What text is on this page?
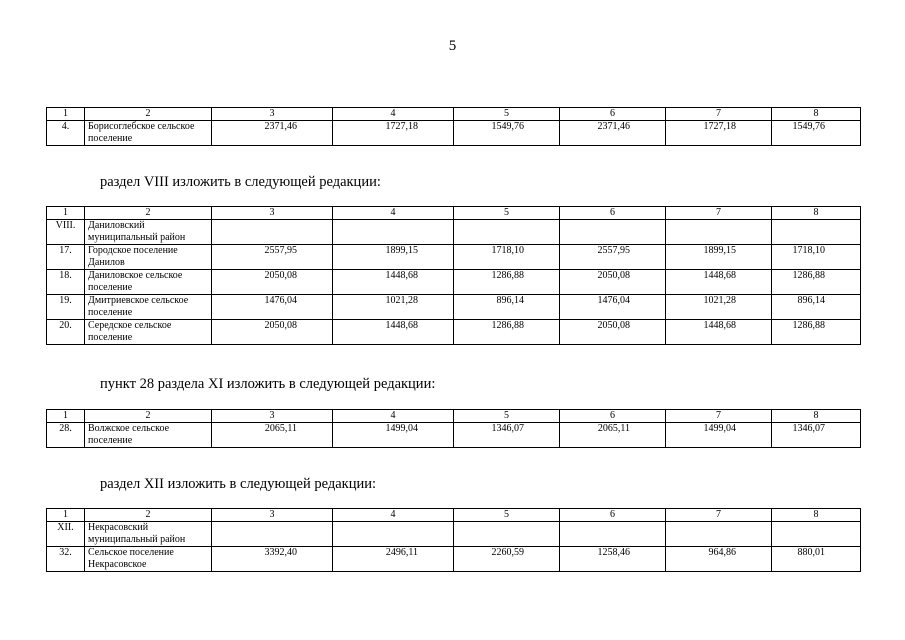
5
1	2	3	4	5	6	7	8
4.	Борисоглебское сельское поселение	2371,46	1727,18	1549,76	2371,46	1727,18	1549,76
раздел VIII изложить в следующей редакции:
1	2	3	4	5	6	7	8
VIII.	Даниловский муниципальный район						
17.	Городское поселение Данилов	2557,95	1899,15	1718,10	2557,95	1899,15	1718,10
18.	Даниловское сельское поселение	2050,08	1448,68	1286,88	2050,08	1448,68	1286,88
19.	Дмитриевское сельское поселение	1476,04	1021,28	896,14	1476,04	1021,28	896,14
20.	Середское сельское поселение	2050,08	1448,68	1286,88	2050,08	1448,68	1286,88
пункт 28 раздела XI изложить в следующей редакции:
1	2	3	4	5	6	7	8
28.	Волжское сельское поселение	2065,11	1499,04	1346,07	2065,11	1499,04	1346,07
раздел XII изложить в следующей редакции:
1	2	3	4	5	6	7	8
XII.	Некрасовский муниципальный район						
32.	Сельское поселение Некрасовское	3392,40	2496,11	2260,59	1258,46	964,86	880,01
